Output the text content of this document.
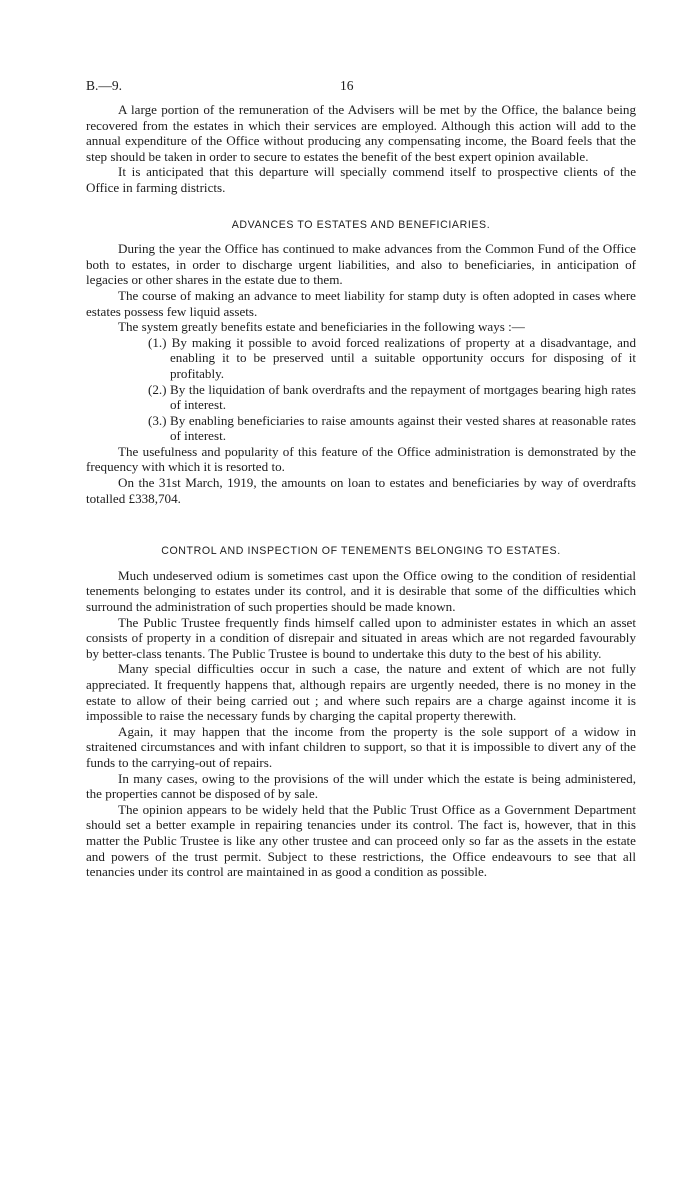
B.—9.	16

A large portion of the remuneration of the Advisers will be met by the Office, the balance being recovered from the estates in which their services are employed. Although this action will add to the annual expenditure of the Office without producing any compensating income, the Board feels that the step should be taken in order to secure to estates the benefit of the best expert opinion available.

It is anticipated that this departure will specially commend itself to prospective clients of the Office in farming districts.

ADVANCES TO ESTATES AND BENEFICIARIES.

During the year the Office has continued to make advances from the Common Fund of the Office both to estates, in order to discharge urgent liabilities, and also to beneficiaries, in anticipation of legacies or other shares in the estate due to them.

The course of making an advance to meet liability for stamp duty is often adopted in cases where estates possess few liquid assets.

The system greatly benefits estate and beneficiaries in the following ways :—

(1.) By making it possible to avoid forced realizations of property at a disadvantage, and enabling it to be preserved until a suitable opportunity occurs for disposing of it profitably.
(2.) By the liquidation of bank overdrafts and the repayment of mortgages bearing high rates of interest.
(3.) By enabling beneficiaries to raise amounts against their vested shares at reasonable rates of interest.

The usefulness and popularity of this feature of the Office administration is demonstrated by the frequency with which it is resorted to.

On the 31st March, 1919, the amounts on loan to estates and beneficiaries by way of overdrafts totalled £338,704.

CONTROL AND INSPECTION OF TENEMENTS BELONGING TO ESTATES.

Much undeserved odium is sometimes cast upon the Office owing to the condition of residential tenements belonging to estates under its control, and it is desirable that some of the difficulties which surround the administration of such properties should be made known.

The Public Trustee frequently finds himself called upon to administer estates in which an asset consists of property in a condition of disrepair and situated in areas which are not regarded favourably by better-class tenants. The Public Trustee is bound to undertake this duty to the best of his ability.

Many special difficulties occur in such a case, the nature and extent of which are not fully appreciated. It frequently happens that, although repairs are urgently needed, there is no money in the estate to allow of their being carried out ; and where such repairs are a charge against income it is impossible to raise the necessary funds by charging the capital property therewith.

Again, it may happen that the income from the property is the sole support of a widow in straitened circumstances and with infant children to support, so that it is impossible to divert any of the funds to the carrying-out of repairs.

In many cases, owing to the provisions of the will under which the estate is being administered, the properties cannot be disposed of by sale.

The opinion appears to be widely held that the Public Trust Office as a Government Department should set a better example in repairing tenancies under its control. The fact is, however, that in this matter the Public Trustee is like any other trustee and can proceed only so far as the assets in the estate and powers of the trust permit. Subject to these restrictions, the Office endeavours to see that all tenancies under its control are maintained in as good a condition as possible.
